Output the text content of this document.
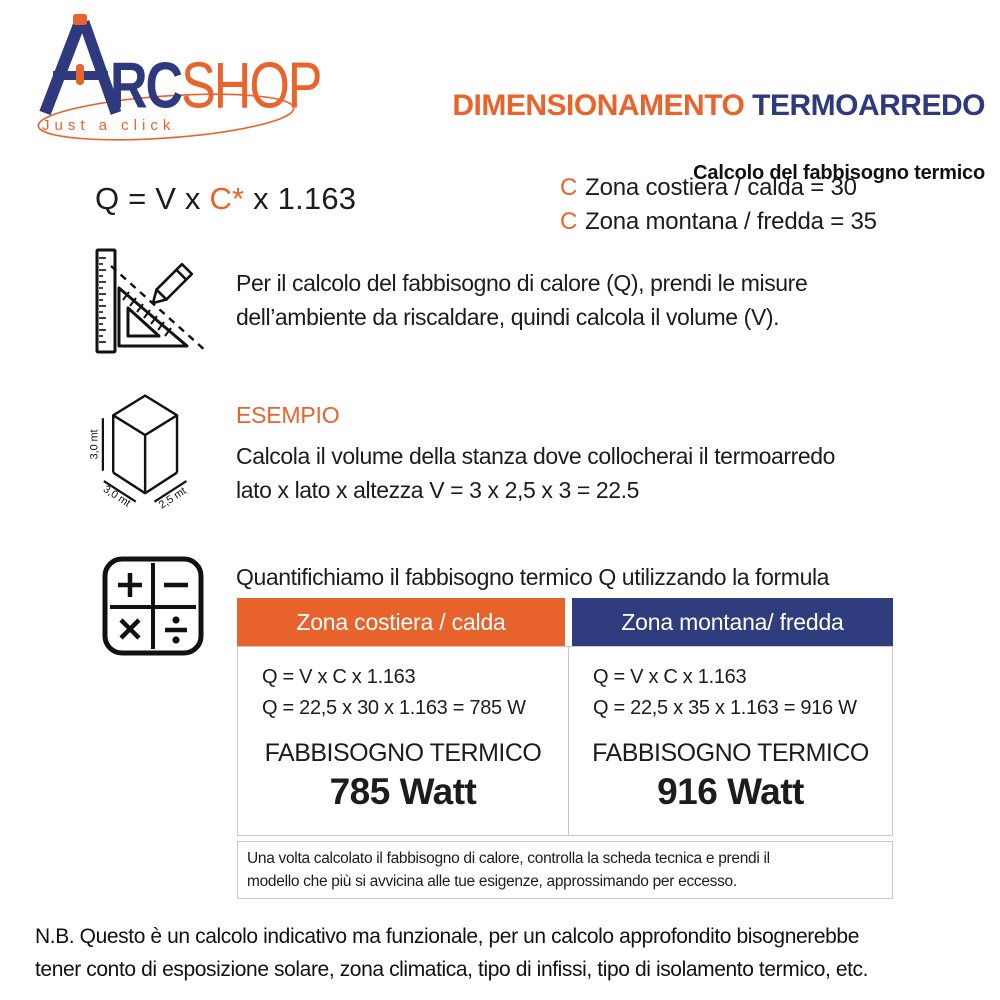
RC SHOP
Just a click

DIMENSIONAMENTO TERMOARREDO

Calcolo del fabbisogno termico
Q = V x C* x 1.163	C Zona costiera / calda = 30
C Zona montana / fredda = 35
Per il calcolo del fabbisogno di calore (Q), prendi le misure
dell’ambiente da riscaldare, quindi calcola il volume (V).
3,0 mt
3,0 mt 2,5 mt
ESEMPIO
Calcola il volume della stanza dove collocherai il termoarredo
lato x lato x altezza V = 3 x 2,5 x 3 = 22.5
Quantifichiamo il fabbisogno termico Q utilizzando la formula
Zona costiera / calda	Zona montana/ fredda
Q = V x C x 1.163
Q = 22,5 x 30 x 1.163 = 785 W
FABBISOGNO TERMICO
785 Watt
Q = V x C x 1.163
Q = 22,5 x 35 x 1.163 = 916 W
FABBISOGNO TERMICO
916 Watt
Una volta calcolato il fabbisogno di calore, controlla la scheda tecnica e prendi il
modello che più si avvicina alle tue esigenze, approssimando per eccesso.
N.B. Questo è un calcolo indicativo ma funzionale, per un calcolo approfondito bisognerebbe
tener conto di esposizione solare, zona climatica, tipo di infissi, tipo di isolamento termico, etc.
